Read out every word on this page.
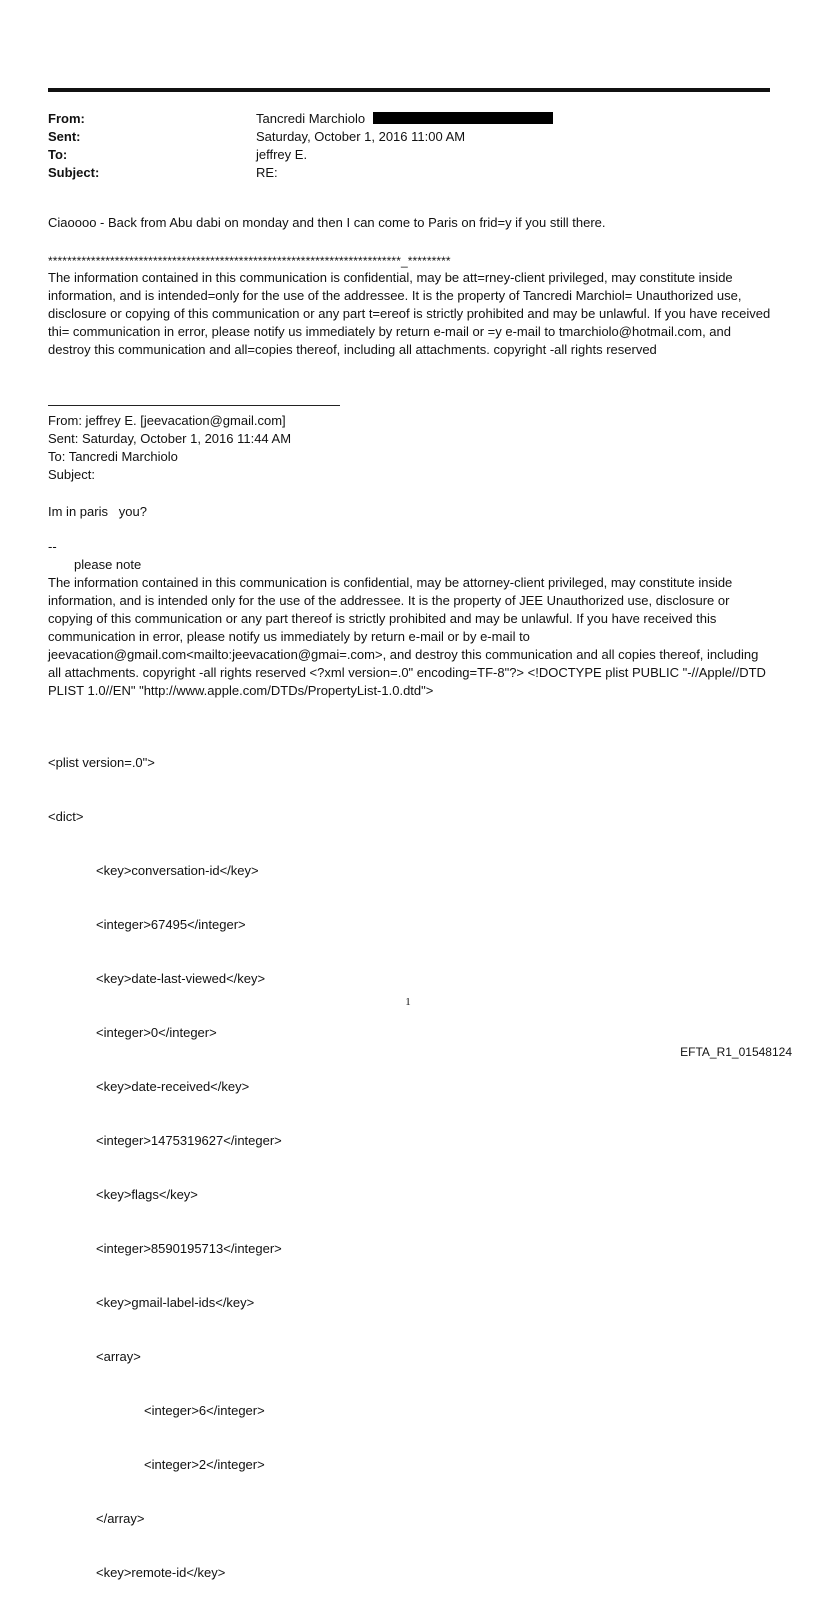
From:	Tancredi Marchiolo
Sent:	Saturday, October 1, 2016 11:00 AM
To:	jeffrey E.
Subject:	RE:
Ciaoooo - Back from Abu dabi on monday and then I can come to Paris on frid=y if you still there.
**************************************************************************_*********
The information contained in this communication is confidential, may be att=rney-client privileged, may constitute inside information, and is intended=only for the use of the addressee. It is the property of Tancredi Marchiol= Unauthorized use, disclosure or copying of this communication or any part t=ereof is strictly prohibited and may be unlawful. If you have received thi= communication in error, please notify us immediately by return e-mail or =y e-mail to tmarchiolo@hotmail.com, and destroy this communication and all=copies thereof, including all attachments. copyright -all rights reserved
From: jeffrey E. [jeevacation@gmail.com]
Sent: Saturday, October 1, 2016 11:44 AM
To: Tancredi Marchiolo
Subject:
Im in paris   you?
--
please note
The information contained in this communication is confidential, may be attorney-client privileged, may constitute inside information, and is intended only for the use of the addressee. It is the property of JEE Unauthorized use, disclosure or copying of this communication or any part thereof is strictly prohibited and may be unlawful. If you have received this communication in error, please notify us immediately by return e-mail or by e-mail to jeevacation@gmail.com<mailto:jeevacation@gmai=.com>, and destroy this communication and all copies thereof, including all attachments. copyright -all rights reserved <?xml version=.0" encoding=TF-8"?> <!DOCTYPE plist PUBLIC "-//Apple//DTD PLIST 1.0//EN" "http://www.apple.com/DTDs/PropertyList-1.0.dtd">

<plist version=.0">

<dict>

<key>conversation-id</key>

<integer>67495</integer>

<key>date-last-viewed</key>

<integer>0</integer>

<key>date-received</key>

<integer>1475319627</integer>

<key>flags</key>

<integer>8590195713</integer>

<key>gmail-label-ids</key>

<array>

<integer>6</integer>

<integer>2</integer>

</array>

<key>remote-id</key>

1
EFTA_R1_01548124
